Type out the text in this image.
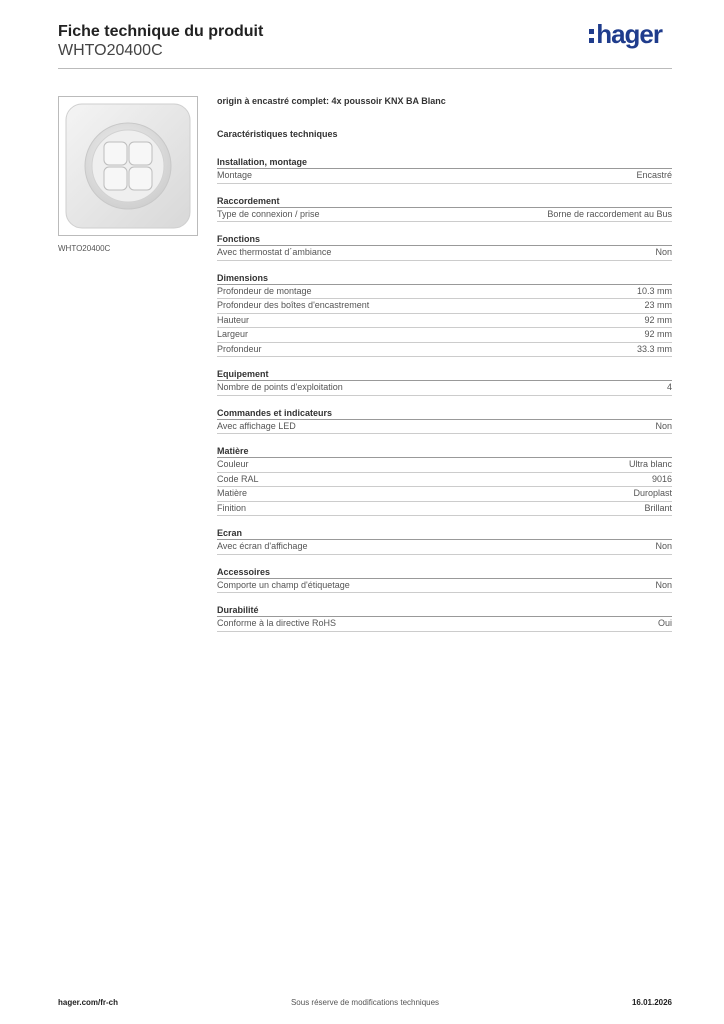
Fiche technique du produit
WHTO20400C
hager
WHTO20400C
origin à encastré complet: 4x poussoir KNX BA Blanc
Caractéristiques techniques
Installation, montage
Montage	Encastré
Raccordement
Type de connexion / prise	Borne de raccordement au Bus
Fonctions
Avec thermostat d´ambiance	Non
Dimensions
Profondeur de montage	10.3 mm
Profondeur des boîtes d'encastrement	23 mm
Hauteur	92 mm
Largeur	92 mm
Profondeur	33.3 mm
Equipement
Nombre de points d'exploitation	4
Commandes et indicateurs
Avec affichage LED	Non
Matière
Couleur	Ultra blanc
Code RAL	9016
Matière	Duroplast
Finition	Brillant
Ecran
Avec écran d'affichage	Non
Accessoires
Comporte un champ d'étiquetage	Non
Durabilité
Conforme à la directive RoHS	Oui
Sous réserve de modifications techniques
hager.com/fr-ch	16.01.2026
